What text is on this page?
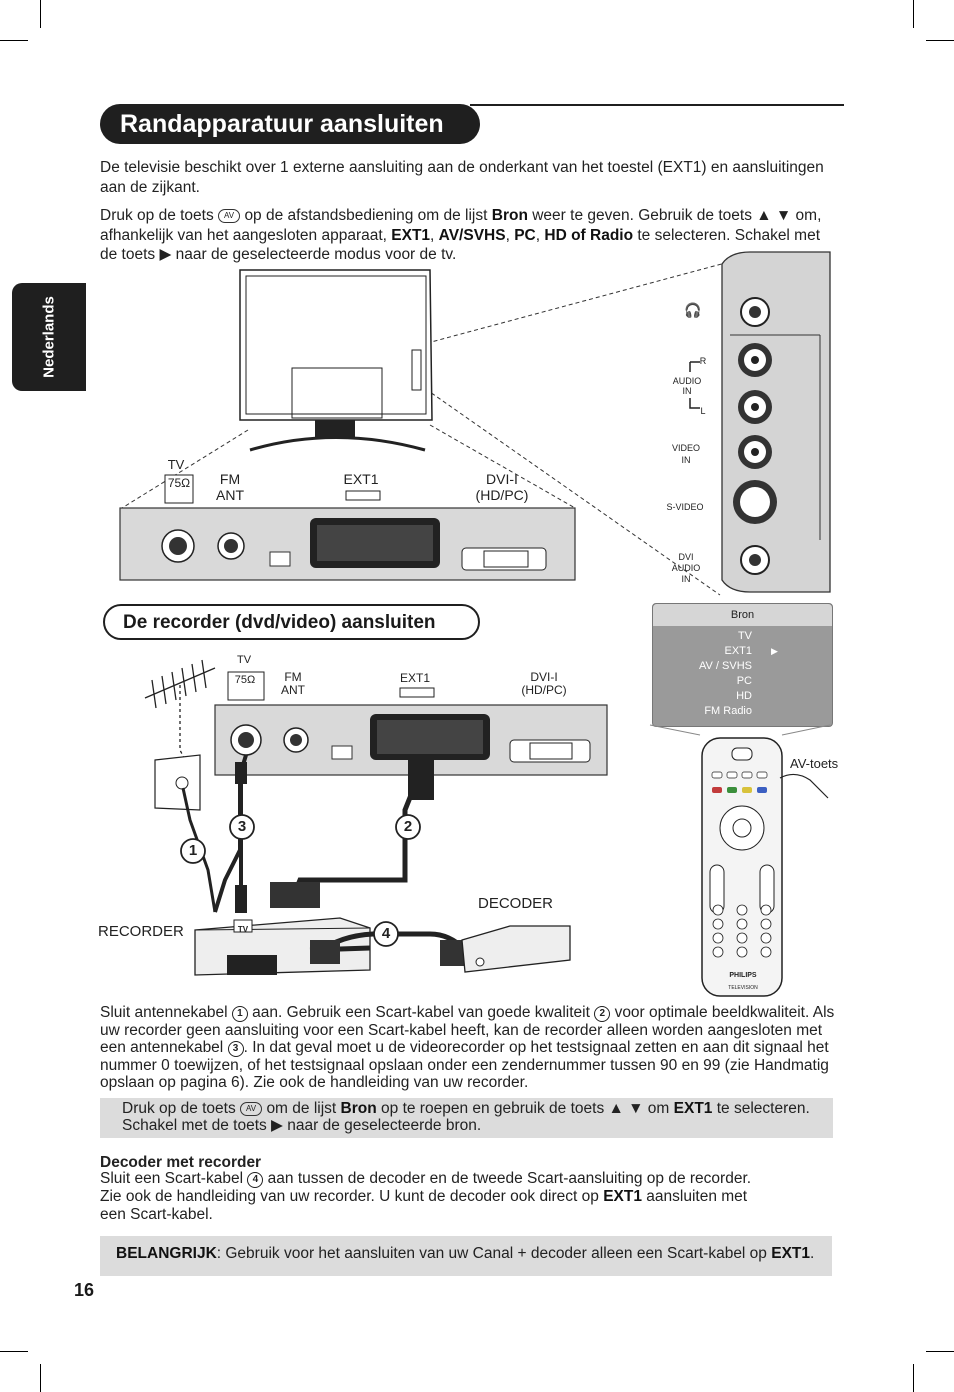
Randapparatuur aansluiten
Nederlands
De televisie beschikt over 1 externe aansluiting aan de onderkant van het toestel (EXT1) en aansluitingen aan de zijkant.
Druk op de toets AV op de afstandsbediening om de lijst Bron weer te geven. Gebruik de toets ▲ ▼ om, afhankelijk van het aangesloten apparaat, EXT1, AV/SVHS, PC, HD of Radio te selecteren. Schakel met de toets ▶ naar de geselecteerde modus voor de tv.
TV
75Ω	FM
ANT
EXT1	DVI-I
(HD/PC)
🎧
R
AUDIO
IN
L
VIDEO
IN
S-VIDEO
DVI
AUDIO
IN
De recorder (dvd/video) aansluiten	Bron
TV
EXT1 ▶
AV / SVHS
PC
HD
FM Radio
TV
75Ω	FM
ANT
EXT1	DVI-I
(HD/PC)
RECORDER
DECODER
1
3	2
4
TV
AV-toets
PHILIPS
TELEVISION
Sluit antennekabel 1 aan. Gebruik een Scart-kabel van goede kwaliteit 2 voor optimale beeldkwaliteit. Als uw recorder geen aansluiting voor een Scart-kabel heeft, kan de recorder alleen worden aangesloten met een antennekabel 3 . In dat geval moet u de videorecorder op het testsignaal zetten en aan dit signaal het nummer 0 toewijzen, of het testsignaal opslaan onder een zendernummer tussen 90 en 99 (zie Handmatig opslaan op pagina 6). Zie ook de handleiding van uw recorder.
Druk op de toets AV om de lijst Bron op te roepen en gebruik de toets ▲ ▼ om EXT1 te selecteren. Schakel met de toets ▶ naar de geselecteerde bron.
Decoder met recorder
Sluit een Scart-kabel 4 aan tussen de decoder en de tweede Scart-aansluiting op de recorder. Zie ook de handleiding van uw recorder. U kunt de decoder ook direct op EXT1 aansluiten met een Scart-kabel.
BELANGRIJK: Gebruik voor het aansluiten van uw Canal + decoder alleen een Scart-kabel op EXT1.
16
